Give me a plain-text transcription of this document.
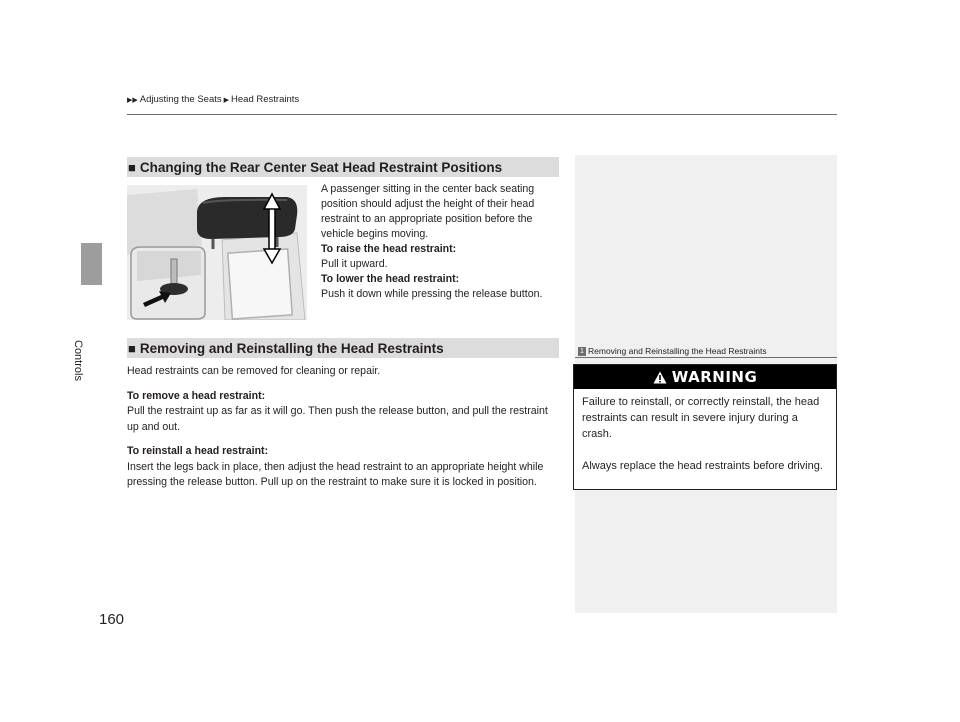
Controls
160
▶▶ Adjusting the Seats ▶ Head Restraints
■ Changing the Rear Center Seat Head Restraint Positions

A passenger sitting in the center back seating position should adjust the height of their head restraint to an appropriate position before the vehicle begins moving.

To raise the head restraint:

Pull it upward.

To lower the head restraint:

Push it down while pressing the release button.

■ Removing and Reinstalling the Head Restraints

Head restraints can be removed for cleaning or repair.

To remove a head restraint:

Pull the restraint up as far as it will go. Then push the release button, and pull the restraint up and out.

To reinstall a head restraint:

Insert the legs back in place, then adjust the head restraint to an appropriate height while pressing the release button. Pull up on the restraint to make sure it is locked in position.

1 Removing and Reinstalling the Head Restraints
WARNING

Failure to reinstall, or correctly reinstall, the head restraints can result in severe injury during a crash.

Always replace the head restraints before driving.
